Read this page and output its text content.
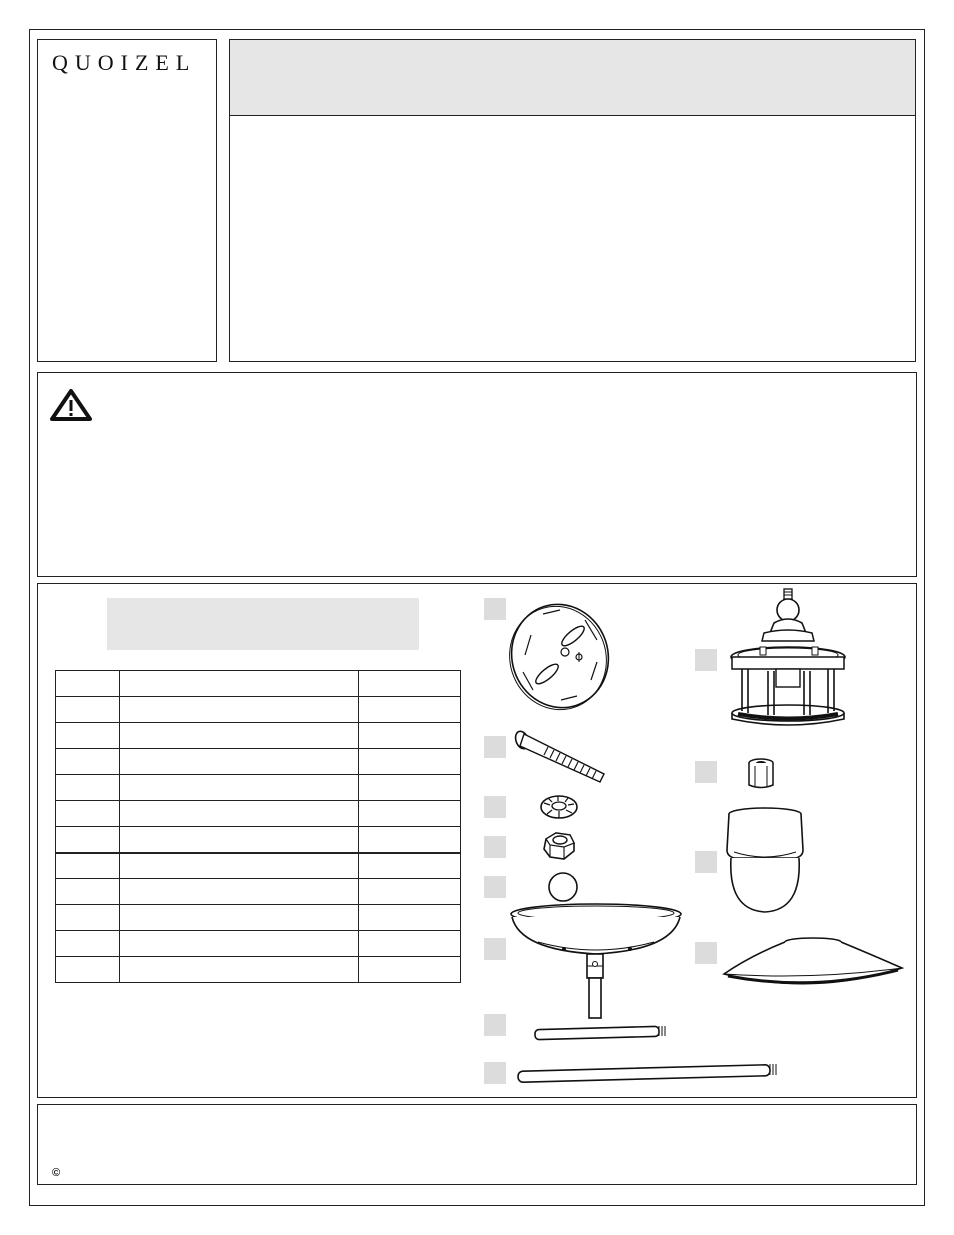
QUOIZEL

©
